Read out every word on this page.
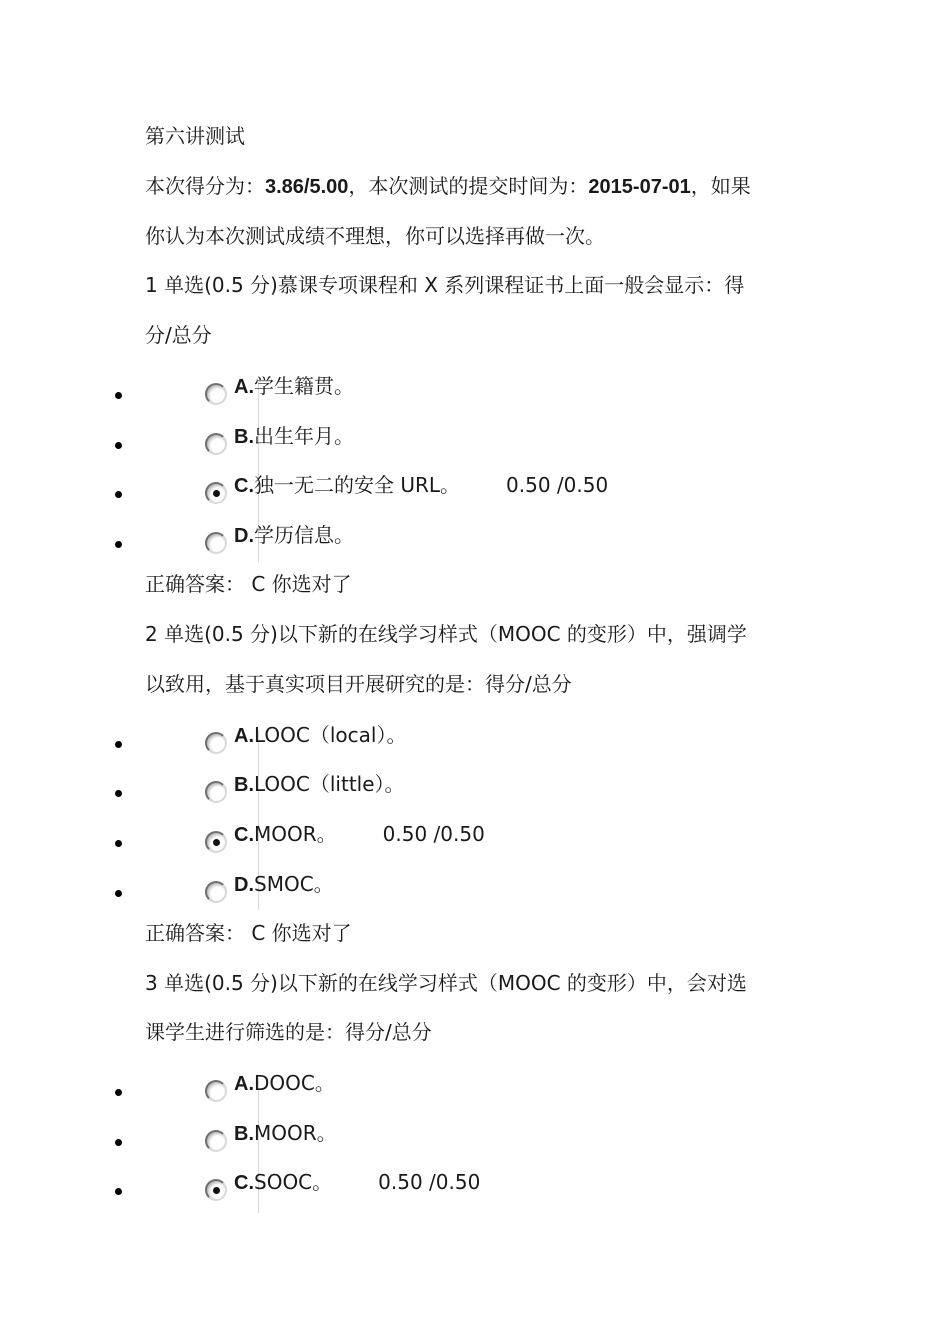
第六讲测试
本次得分为：3.86/5.00，本次测试的提交时间为：2015-07-01，如果
你认为本次测试成绩不理想，你可以选择再做一次。
1 单选(0.5 分)慕课专项课程和 X 系列课程证书上面一般会显示：得
分/总分
A.学生籍贯。
B.出生年月。
C.独一无二的安全 URL。 0.50 /0.50
D.学历信息。
正确答案： C 你选对了
2 单选(0.5 分)以下新的在线学习样式（MOOC 的变形）中，强调学
以致用，基于真实项目开展研究的是：得分/总分
A.LOOC（local）。
B.LOOC（little）。
C.MOOR。 0.50 /0.50
D.SMOC。
正确答案： C 你选对了
3 单选(0.5 分)以下新的在线学习样式（MOOC 的变形）中，会对选
课学生进行筛选的是：得分/总分
A.DOOC。
B.MOOR。
C.SOOC。 0.50 /0.50
